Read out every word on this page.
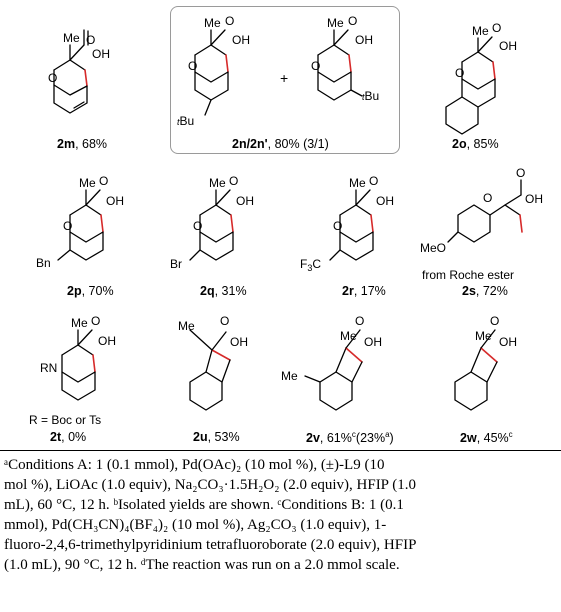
Me
O
OH
O
Me
O
OH
O
tBu
Me
O
OH
O
tBu
Me
O
OH
O
Me
O
OH
O
Bn
Me
O
OH
O
Br
Me
O
OH
O
$F_3C$
O	OH
O
MeO
Me
RN
OH
O	Me
OH
O
Me OH
O
Me
Me OH
O
+
2m, 68%	2n/2n', 80% (3/1)	2o, 85%
2p, 70%	2q, 31%	2r, 17%
from Roche ester
2s, 72%
R = Boc or Ts
2t, 0%	2u, 53%	2v, 61%$^c$(23%$^a$)	2w, 45%$^c$
ᵃConditions A: 1 (0.1 mmol), Pd(OAc)₂ (10 mol %), (±)-L9 (10
mol %), LiOAc (1.0 equiv), Na₂CO₃·1.5H₂O₂ (2.0 equiv), HFIP (1.0
mL), 60 °C, 12 h. ᵇIsolated yields are shown. ᶜConditions B: 1 (0.1
mmol), Pd(CH₃CN)₄(BF₄)₂ (10 mol %), Ag₂CO₃ (1.0 equiv), 1-
fluoro-2,4,6-trimethylpyridinium tetrafluoroborate (2.0 equiv), HFIP
(1.0 mL), 90 °C, 12 h. ᵈThe reaction was run on a 2.0 mmol scale.
